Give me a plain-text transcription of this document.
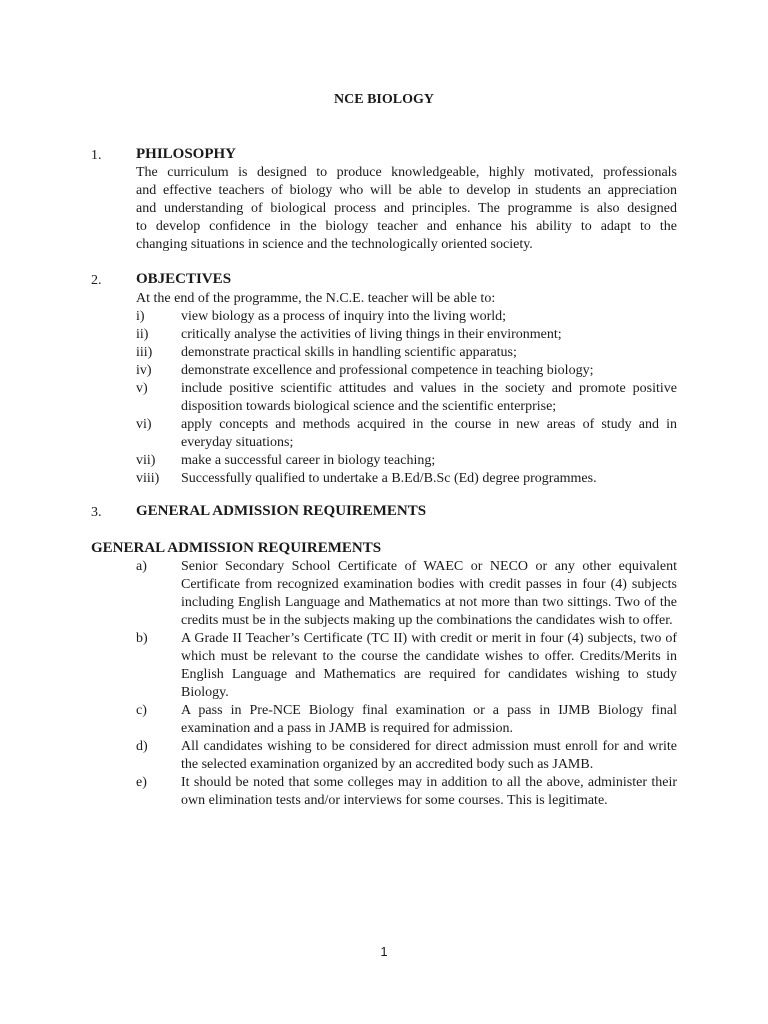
NCE BIOLOGY
1. PHILOSOPHY

The curriculum is designed to produce knowledgeable, highly motivated, professionals
and effective teachers of biology who will be able to develop in students an appreciation
and understanding of biological process and principles. The programme is also designed
to develop confidence in the biology teacher and enhance his ability to adapt to the
changing situations in science and the technologically oriented society.

2. OBJECTIVES
At the end of the programme, the N.C.E. teacher will be able to:
i)	view biology as a process of inquiry into the living world;
ii)	critically analyse the activities of living things in their environment;
iii)	demonstrate practical skills in handling scientific apparatus;
iv)	demonstrate excellence and professional competence in teaching biology;
v)	include positive scientific attitudes and values in the society and promote positive disposition towards biological science and the scientific enterprise;
vi)	apply concepts and methods acquired in the course in new areas of study and in everyday situations;
vii)	make a successful career in biology teaching;
viii)	Successfully qualified to undertake a B.Ed/B.Sc (Ed) degree programmes.
3. GENERAL ADMISSION REQUIREMENTS
GENERAL ADMISSION REQUIREMENTS
a)	Senior Secondary School Certificate of WAEC or NECO or any other equivalent Certificate from recognized examination bodies with credit passes in four (4) subjects including English Language and Mathematics at not more than two sittings. Two of the credits must be in the subjects making up the combinations the candidates wish to offer.
b)	A Grade II Teacher’s Certificate (TC II) with credit or merit in four (4) subjects, two of which must be relevant to the course the candidate wishes to offer. Credits/Merits in English Language and Mathematics are required for candidates wishing to study Biology.
c)	A pass in Pre-NCE Biology final examination or a pass in IJMB Biology final examination and a pass in JAMB is required for admission.
d)	All candidates wishing to be considered for direct admission must enroll for and write the selected examination organized by an accredited body such as JAMB.
e)	It should be noted that some colleges may in addition to all the above, administer their own elimination tests and/or interviews for some courses. This is legitimate.
1
